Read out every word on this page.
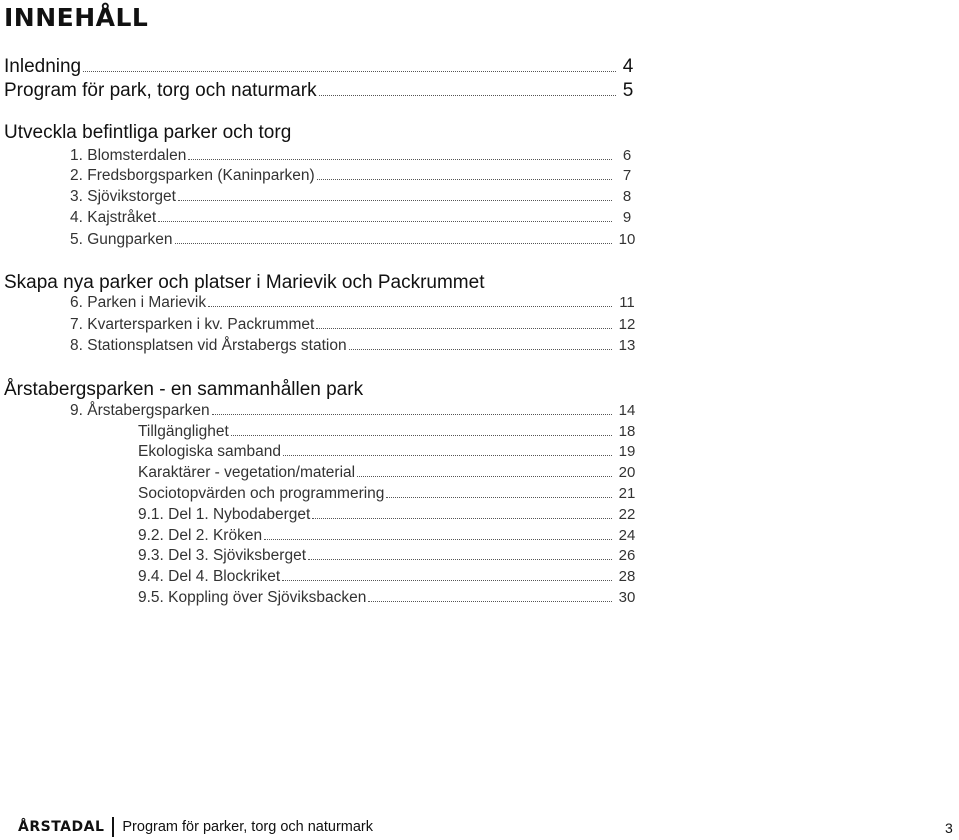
INNEHÅLL
Inledning	4
Program för park, torg och naturmark	5
Utveckla befintliga parker och torg
1. Blomsterdalen	6
2. Fredsborgsparken (Kaninparken)	7
3. Sjövikstorget	8
4. Kajstråket	9
5. Gungparken	10
Skapa nya parker och platser i Marievik och Packrummet
6. Parken i Marievik	11
7. Kvartersparken i kv. Packrummet	12
8. Stationsplatsen vid Årstabergs station	13
Årstabergsparken - en sammanhållen park
9. Årstabergsparken	14
Tillgänglighet	18
Ekologiska samband	19
Karaktärer - vegetation/material	20
Sociotopvärden och programmering	21
9.1. Del 1. Nybodaberget	22
9.2. Del 2. Kröken	24
9.3. Del 3. Sjöviksberget	26
9.4. Del 4. Blockriket	28
9.5. Koppling över Sjöviksbacken	30
ÅRSTADAL Program för parker, torg och naturmark	3
